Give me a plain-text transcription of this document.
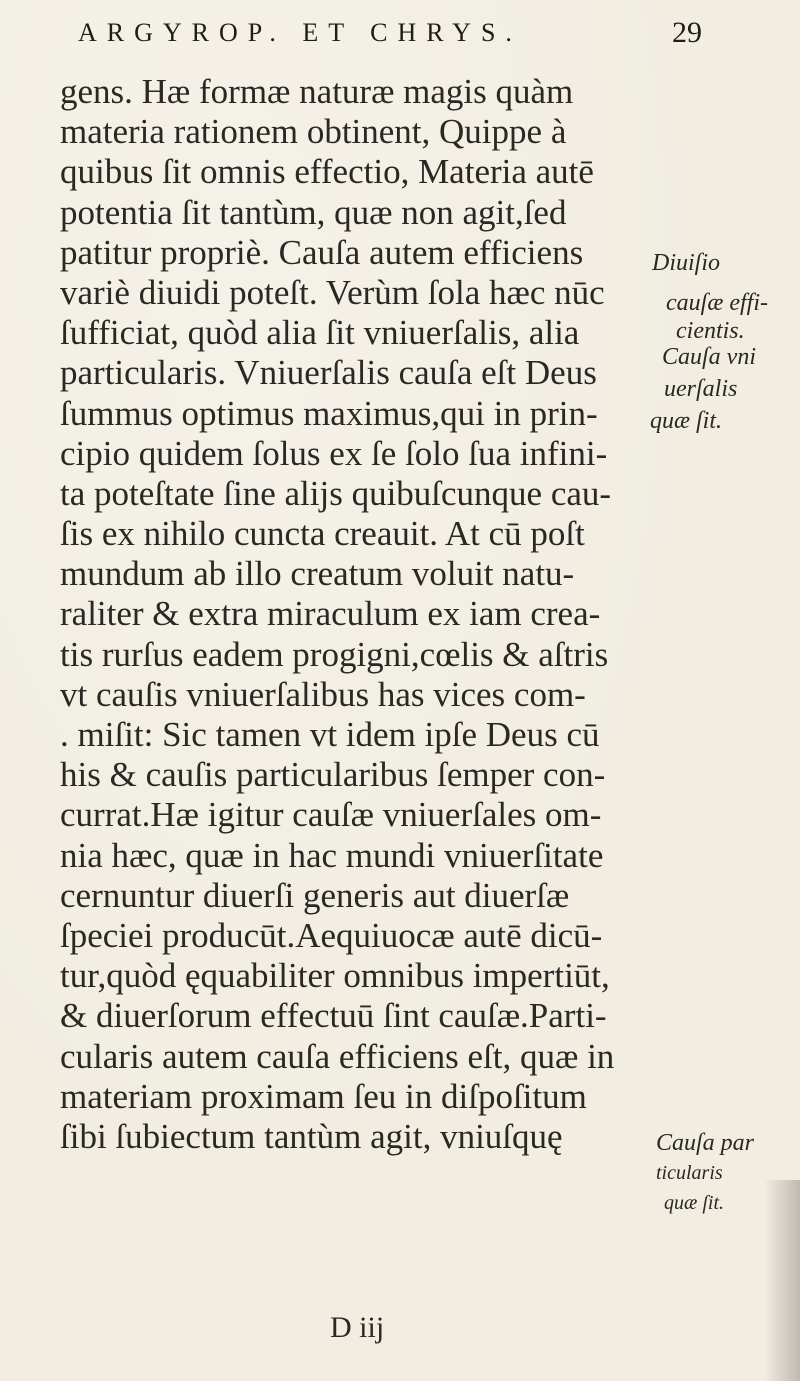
ARGYROP. ET CHRYS.	29
gens. Hæ formæ naturæ magis quàm
materia rationem obtinent, Quippe à
quibus ſit omnis effectio, Materia autē
potentia ſit tantùm, quæ non agit,ſed
patitur propriè. Cauſa autem efficiens
variè diuidi poteſt. Verùm ſola hæc nūc
ſufficiat, quòd alia ſit vniuerſalis, alia
particularis. Vniuerſalis cauſa eſt Deus
ſummus optimus maximus,qui in prin-
cipio quidem ſolus ex ſe ſolo ſua infini-
ta poteſtate ſine alijs quibuſcunque cau-
ſis ex nihilo cuncta creauit. At cū poſt
mundum ab illo creatum voluit natu-
raliter & extra miraculum ex iam crea-
tis rurſus eadem progigni,cœlis & aſtris
vt cauſis vniuerſalibus has vices com-
. miſit: Sic tamen vt idem ipſe Deus cū
his & cauſis particularibus ſemper con-
currat.Hæ igitur cauſæ vniuerſales om-
nia hæc, quæ in hac mundi vniuerſitate
cernuntur diuerſi generis aut diuerſæ
ſpeciei producūt.Aequiuocæ autē dicū-
tur,quòd ęquabiliter omnibus impertiūt,
& diuerſorum effectuū ſint cauſæ.Parti-
cularis autem cauſa efficiens eſt, quæ in
materiam proximam ſeu in diſpoſitum
ſibi ſubiectum tantùm agit, vniuſquę
Diuiſio
cauſæ effi-
cientis.
Cauſa vni
uerſalis
quæ ſit.
Cauſa par
ticularis
quæ ſit.
D iij
